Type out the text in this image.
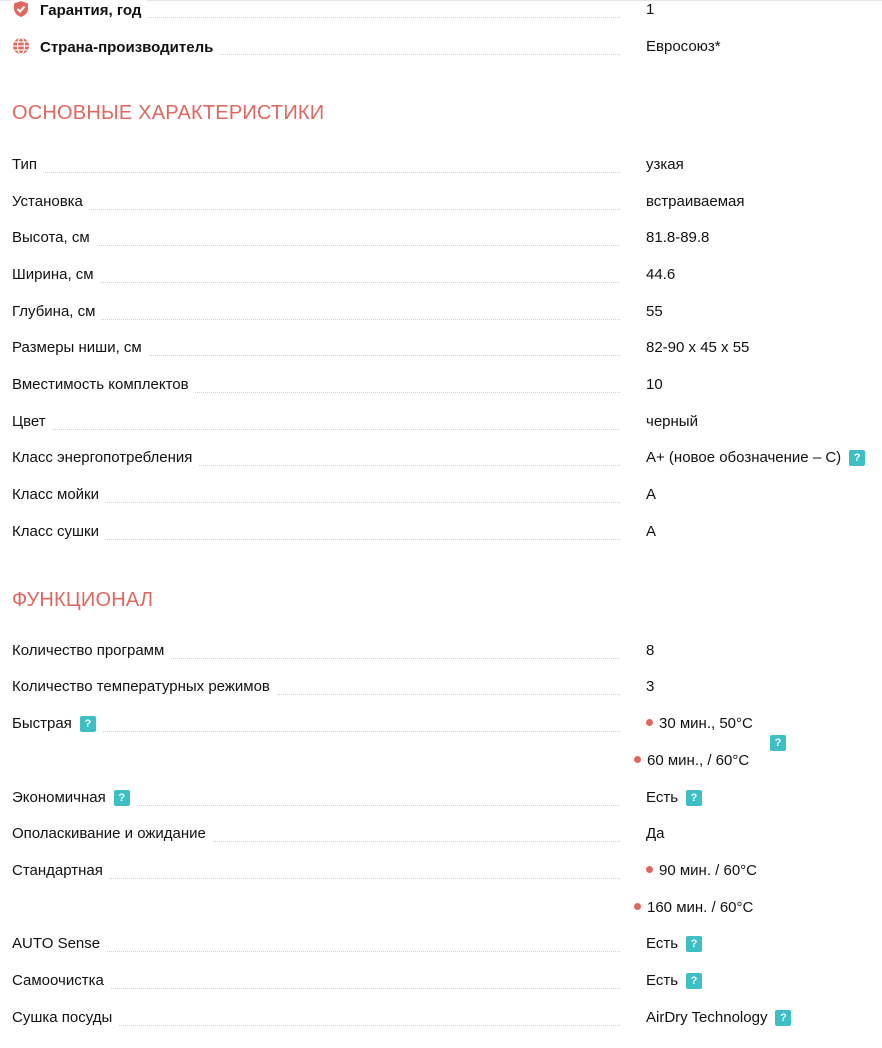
Гарантия, год	1
Страна-производитель	Евросоюз*
ОСНОВНЫЕ ХАРАКТЕРИСТИКИ
Тип	узкая
Установка	встраиваемая
Высота, см	81.8-89.8
Ширина, см	44.6
Глубина, см	55
Размеры ниши, см	82-90 x 45 x 55
Вместимость комплектов	10
Цвет	черный
Класс энергопотребления	A+ (новое обозначение – C) ?
Класс мойки	A
Класс сушки	A
ФУНКЦИОНАЛ
Количество программ	8
Количество температурных режимов	3
Быстрая ?	30 мин., 50°C
60 мин., / 60°C
?
Экономичная ?	Есть ?
Ополаскивание и ожидание	Да
Стандартная	90 мин. / 60°C
160 мин. / 60°C
AUTO Sense	Есть ?
Самоочистка	Есть ?
Сушка посуды	AirDry Technology ?
